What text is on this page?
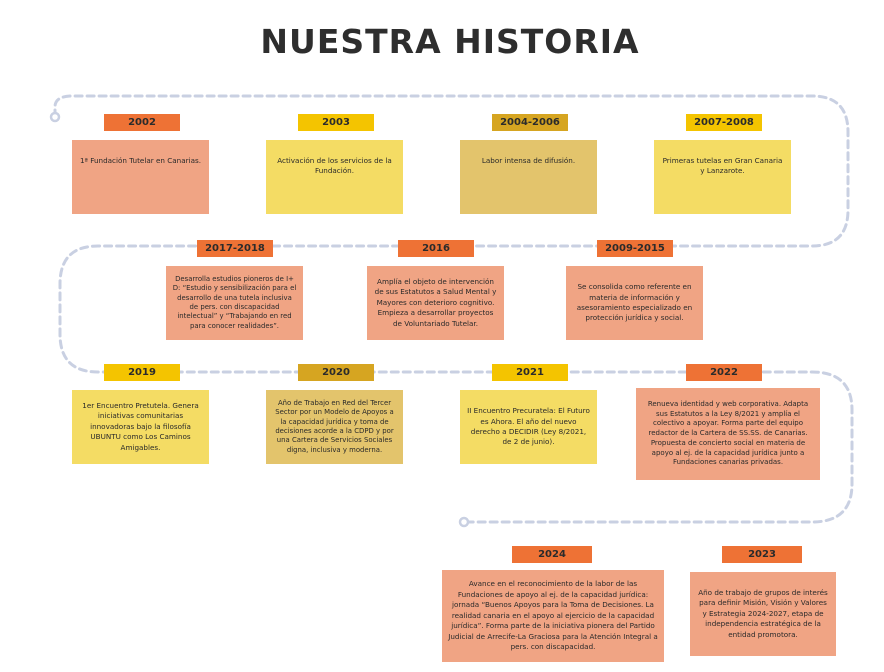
NUESTRA HISTORIA
2002
1ª Fundación Tutelar en Canarias.
2003
Activación de los servicios de la Fundación.
2004-2006
Labor intensa de difusión.
2007-2008
Primeras tutelas en Gran Canaria y Lanzarote.
2017-2018
Desarrolla estudios pioneros de I+ D: “Estudio y sensibilización para el desarrollo de una tutela inclusiva de pers. con discapacidad intelectual” y “Trabajando en red para conocer realidades”.
2016
Amplía el objeto de intervención de sus Estatutos a Salud Mental y Mayores con deterioro cognitivo. Empieza a desarrollar proyectos de Voluntariado Tutelar.
2009-2015
Se consolida como referente en materia de información y asesoramiento especializado en protección jurídica y social.
2019
1er Encuentro Pretutela. Genera iniciativas comunitarias innovadoras bajo la filosofía UBUNTU como Los Caminos Amigables.
2020
Año de Trabajo en Red del Tercer Sector por un Modelo de Apoyos a la capacidad jurídica y toma de decisiones acorde a la CDPD y por una Cartera de Servicios Sociales digna, inclusiva y moderna.
2021
II Encuentro Precuratela: El Futuro es Ahora. El año del nuevo derecho a DECIDIR (Ley 8/2021, de 2 de junio).
2022
Renueva identidad y web corporativa. Adapta sus Estatutos a la Ley 8/2021 y amplía el colectivo a apoyar. Forma parte del equipo redactor de la Cartera de SS.SS. de Canarias. Propuesta de concierto social en materia de apoyo al ej. de la capacidad jurídica junto a Fundaciones canarias privadas.
2024
Avance en el reconocimiento de la labor de las Fundaciones de apoyo al ej. de la capacidad jurídica: jornada “Buenos Apoyos para la Toma de Decisiones. La realidad canaria en el apoyo al ejercicio de la capacidad jurídica”. Forma parte de la iniciativa pionera del Partido Judicial de Arrecife-La Graciosa para la Atención Integral a pers. con discapacidad.
2023
Año de trabajo de grupos de interés para definir Misión, Visión y Valores y Estrategia 2024-2027, etapa de independencia estratégica de la entidad promotora.
